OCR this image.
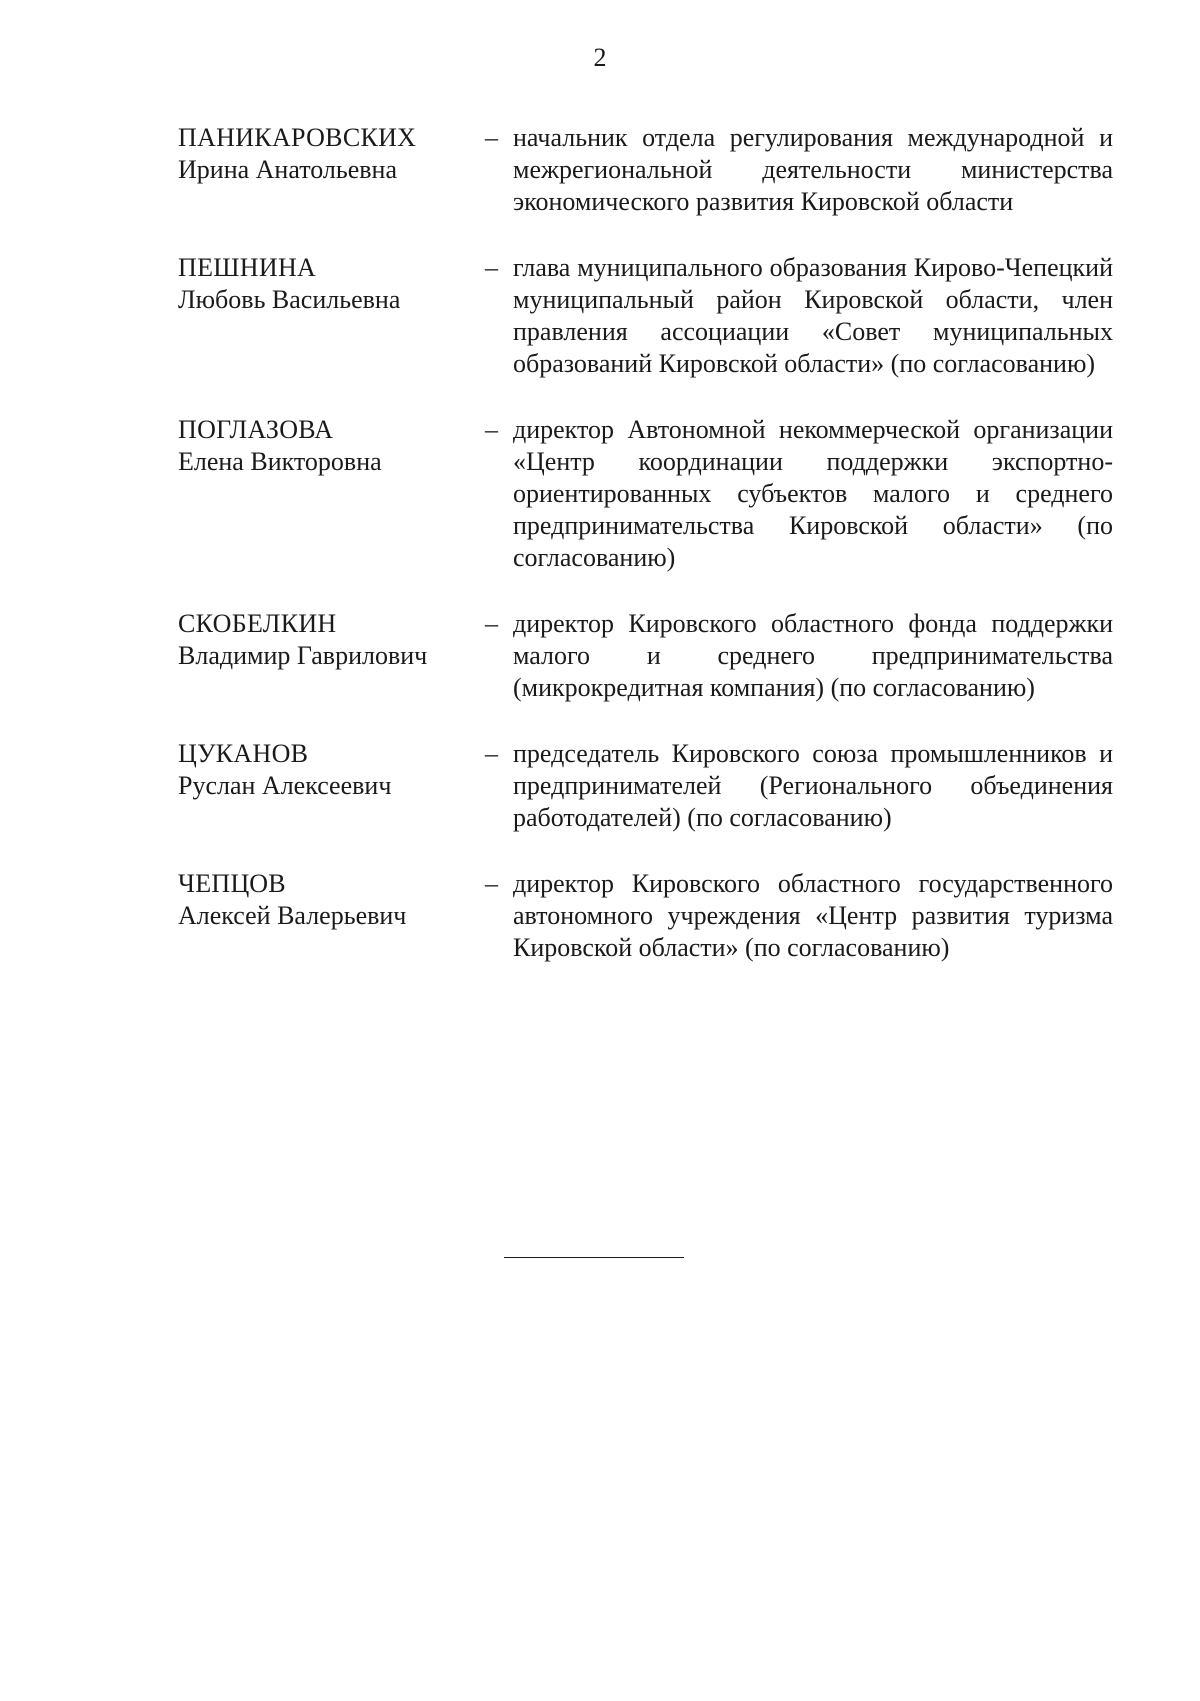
2
ПАНИКАРОВСКИХ
Ирина Анатольевна
– начальник отдела регулирования международной и межрегиональной деятельности министерства экономического развития Кировской области
ПЕШНИНА
Любовь Васильевна
– глава муниципального образования Кирово-Чепецкий муниципальный район Кировской области, член правления ассоциации «Совет муниципальных образований Кировской области» (по согласованию)
ПОГЛАЗОВА
Елена Викторовна
– директор Автономной некоммерческой организации «Центр координации поддержки экспортно-ориентированных субъектов малого и среднего предпринимательства Кировской области» (по согласованию)
СКОБЕЛКИН
Владимир Гаврилович
– директор Кировского областного фонда поддержки малого и среднего предпринимательства (микрокредитная компания) (по согласованию)
ЦУКАНОВ
Руслан Алексеевич
– председатель Кировского союза промышленников и предпринимателей (Регионального объединения работодателей) (по согласованию)
ЧЕПЦОВ
Алексей Валерьевич
– директор Кировского областного государственного автономного учреждения «Центр развития туризма Кировской области» (по согласованию)
